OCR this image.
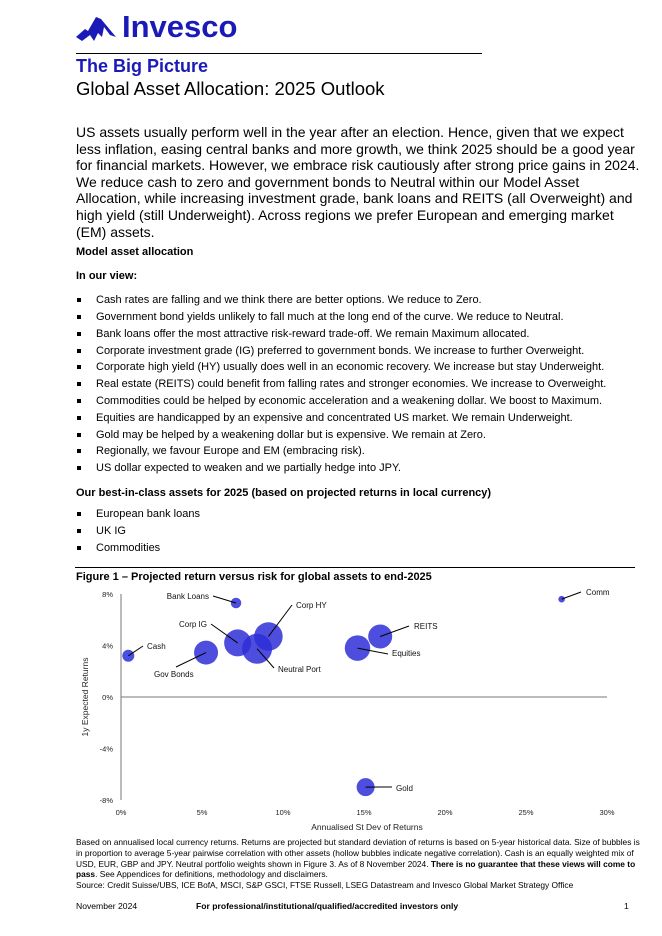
Invesco
The Big Picture
Global Asset Allocation: 2025 Outlook
US assets usually perform well in the year after an election. Hence, given that we expect less inflation, easing central banks and more growth, we think 2025 should be a good year for financial markets. However, we embrace risk cautiously after strong price gains in 2024. We reduce cash to zero and government bonds to Neutral within our Model Asset Allocation, while increasing investment grade, bank loans and REITS (all Overweight) and high yield (still Underweight). Across regions we prefer European and emerging market (EM) assets.
Model asset allocation
In our view:
Cash rates are falling and we think there are better options. We reduce to Zero.
Government bond yields unlikely to fall much at the long end of the curve. We reduce to Neutral.
Bank loans offer the most attractive risk-reward trade-off. We remain Maximum allocated.
Corporate investment grade (IG) preferred to government bonds. We increase to further Overweight.
Corporate high yield (HY) usually does well in an economic recovery. We increase but stay Underweight.
Real estate (REITS) could benefit from falling rates and stronger economies. We increase to Overweight.
Commodities could be helped by economic acceleration and a weakening dollar. We boost to Maximum.
Equities are handicapped by an expensive and concentrated US market. We remain Underweight.
Gold may be helped by a weakening dollar but is expensive. We remain at Zero.
Regionally, we favour Europe and EM (embracing risk).
US dollar expected to weaken and we partially hedge into JPY.
Our best-in-class assets for 2025 (based on projected returns in local currency)
European bank loans
UK IG
Commodities
Figure 1 – Projected return versus risk for global assets to end-2025
0%	5%	10%	15%	20%	25%	30%
8%
4%
0%
-4%
-8%
Cash
Gov Bonds
Bank Loans
Corp IG
Neutral Port
Corp HY
Equities
REITS
Gold
Comm
1y Expected Returns
Annualised St Dev of Returns
Based on annualised local currency returns. Returns are projected but standard deviation of returns is based on 5-year historical data. Size of bubbles is in proportion to average 5-year pairwise correlation with other assets (hollow bubbles indicate negative correlation). Cash is an equally weighted mix of USD, EUR, GBP and JPY. Neutral portfolio weights shown in Figure 3. As of 8 November 2024. There is no guarantee that these views will come to pass. See Appendices for definitions, methodology and disclaimers.
Source: Credit Suisse/UBS, ICE BofA, MSCI, S&P GSCI, FTSE Russell, LSEG Datastream and Invesco Global Market Strategy Office
November 2024	For professional/institutional/qualified/accredited investors only	1
